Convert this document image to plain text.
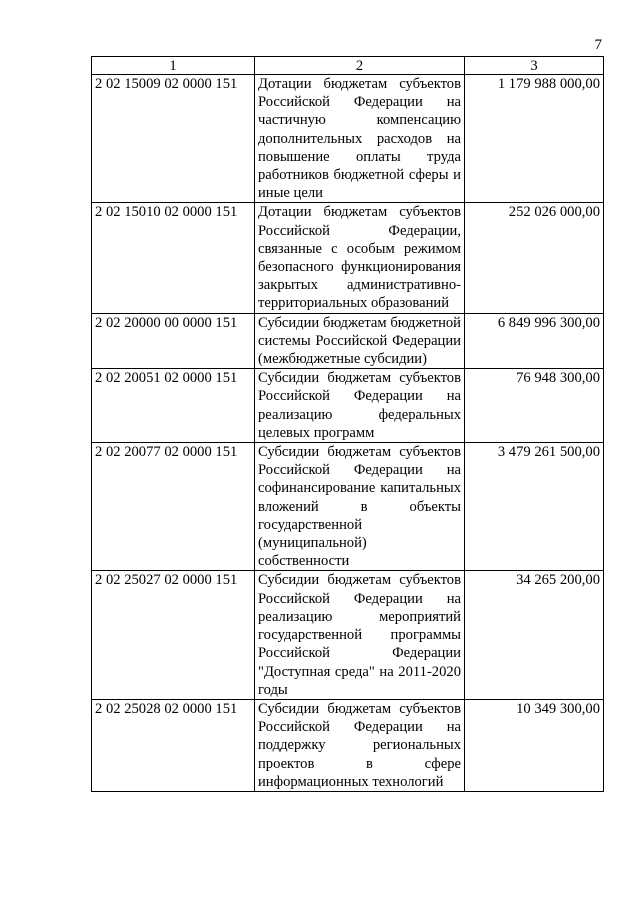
7
1	2	3
2 02 15009 02 0000 151	Дотации бюджетам субъектов Российской Федерации на частичную компенсацию дополнительных расходов на повышение оплаты труда работников бюджетной сферы и иные цели	1 179 988 000,00
2 02 15010 02 0000 151	Дотации бюджетам субъектов Российской Федерации, связанные с особым режимом безопасного функционирования закрытых административно-территориальных образований	252 026 000,00
2 02 20000 00 0000 151	Субсидии бюджетам бюджетной системы Российской Федерации (межбюджетные субсидии)	6 849 996 300,00
2 02 20051 02 0000 151	Субсидии бюджетам субъектов Российской Федерации на реализацию федеральных целевых программ	76 948 300,00
2 02 20077 02 0000 151	Субсидии бюджетам субъектов Российской Федерации на софинансирование капитальных вложений в объекты государственной (муниципальной) собственности	3 479 261 500,00
2 02 25027 02 0000 151	Субсидии бюджетам субъектов Российской Федерации на реализацию мероприятий государственной программы Российской Федерации "Доступная среда" на 2011-2020 годы	34 265 200,00
2 02 25028 02 0000 151	Субсидии бюджетам субъектов Российской Федерации на поддержку региональных проектов в сфере информационных технологий	10 349 300,00
